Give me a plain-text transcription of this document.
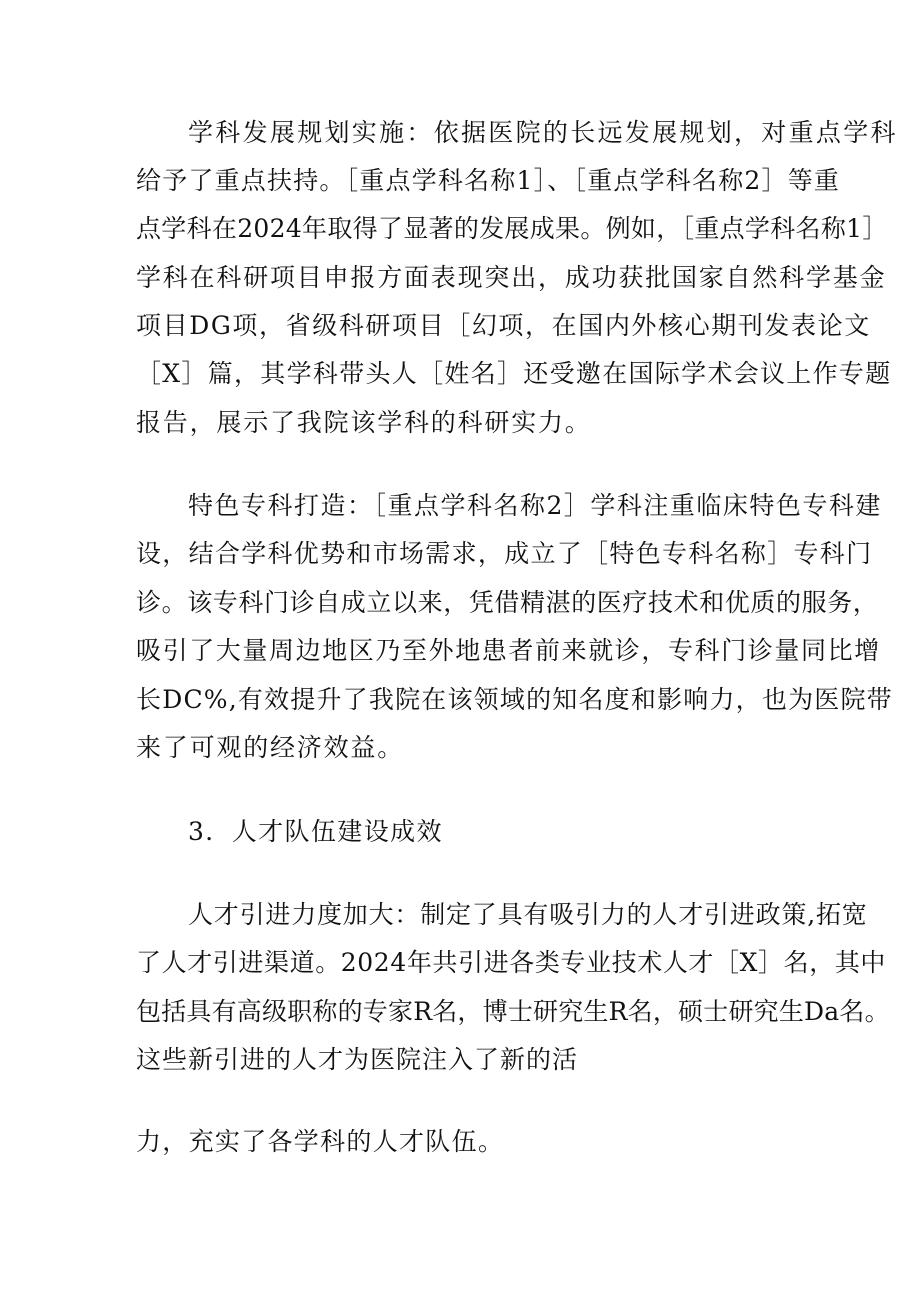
学科发展规划实施：依据医院的长远发展规划，对重点学科
给予了重点扶持。［重点学科名称1］、［重点学科名称2］等重
点学科在2024年取得了显著的发展成果。例如，［重点学科名称1］
学科在科研项目申报方面表现突出，成功获批国家自然科学基金
项目DG项，省级科研项目［幻项，在国内外核心期刊发表论文
［X］篇，其学科带头人［姓名］还受邀在国际学术会议上作专题
报告，展示了我院该学科的科研实力。
特色专科打造：［重点学科名称2］学科注重临床特色专科建
设，结合学科优势和市场需求，成立了［特色专科名称］专科门
诊。该专科门诊自成立以来，凭借精湛的医疗技术和优质的服务，
吸引了大量周边地区乃至外地患者前来就诊，专科门诊量同比增
长DC%,有效提升了我院在该领域的知名度和影响力，也为医院带
来了可观的经济效益。
3．人才队伍建设成效
人才引进力度加大：制定了具有吸引力的人才引进政策,拓宽
了人才引进渠道。2024年共引进各类专业技术人才［X］名，其中
包括具有高级职称的专家R名，博士研究生R名，硕士研究生Da名。
这些新引进的人才为医院注入了新的活
力，充实了各学科的人才队伍。
